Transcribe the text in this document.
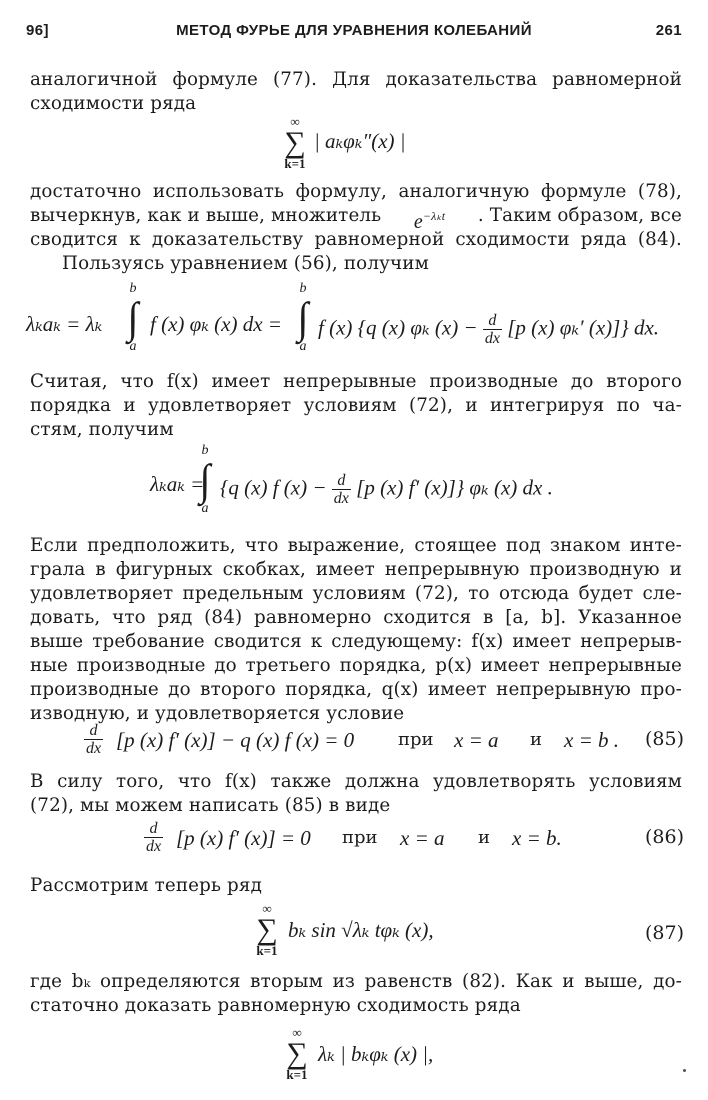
96]	МЕТОД ФУРЬЕ ДЛЯ УРАВНЕНИЯ КОЛЕБАНИЙ	261
аналогичной формуле (77). Для доказательства равномерной
сходимости ряда
∞
∑
k=1
| aₖφₖ″(x) |
достаточно использовать формулу, аналогичную формуле (78),
вычеркнув, как и выше, множитель $e^{-\lambda_kt}$ . Таким образом, все
сводится к доказательству равномерной сходимости ряда (84).
Пользуясь уравнением (56), получим
λₖaₖ = λₖ
b
∫
a
f (x) φₖ (x) dx =
b
∫
a
f (x) {q (x) φₖ $(x) - \frac{d}{dx} [p$ (x) φₖ′ (x)]} dx.
Считая, что f(x) имеет непрерывные производные до второго
порядка и удовлетворяет условиям (72), и интегрируя по ча-
стям, получим
λₖaₖ =
b
∫
a
{q (x) f $(x) - \frac{d}{dx} [p$ (x) f′ (x)]} φₖ (x) dx .
Если предположить, что выражение, стоящее под знаком инте-
грала в фигурных скобках, имеет непрерывную производную и
удовлетворяет предельным условиям (72), то отсюда будет сле-
довать, что ряд (84) равномерно сходится в [a, b]. Указанное
выше требование сводится к следующему: f(x) имеет непрерыв-
ные производные до третьего порядка, p(x) имеет непрерывные
производные до второго порядка, q(x) имеет непрерывную про-
изводную, и удовлетворяется условие
$\frac{d}{dx} [p$ (x) f′ (x)] − q (x) f (x) = 0 при x = a и x = b . (85)
В силу того, что f(x) также должна удовлетворять условиям
(72), мы можем написать (85) в виде
$\frac{d}{dx} [p$ (x) f′ (x)] = 0 при x = a и x = b.	(86)
Рассмотрим теперь ряд
∞
∑
k=1
bₖ sin √λₖ tφₖ (x),	(87)
где bₖ определяются вторым из равенств (82). Как и выше, до-
статочно доказать равномерную сходимость ряда
∞
∑
k=1
λₖ | bₖφₖ (x) |,
